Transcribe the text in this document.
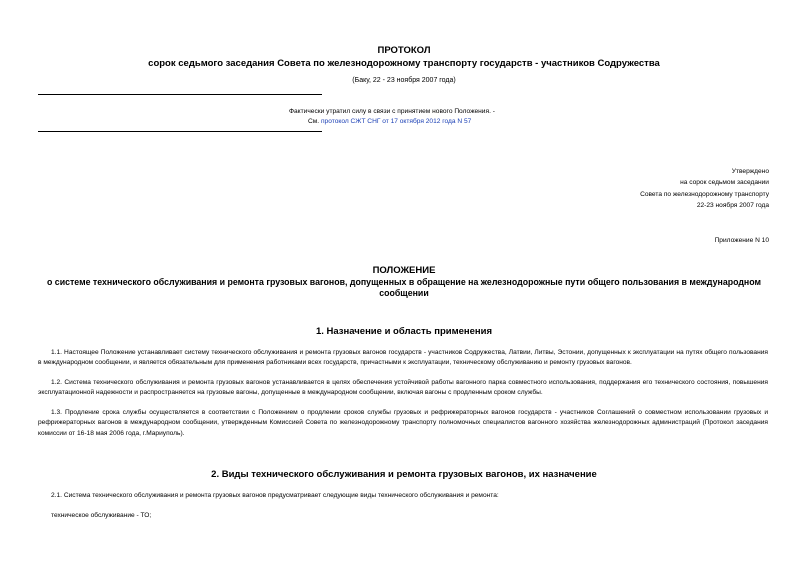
ПРОТОКОЛ
сорок седьмого заседания Совета по железнодорожному транспорту государств - участников Содружества
(Баку, 22 - 23 ноября 2007 года)
Фактически утратил силу в связи с принятием нового Положения. -
См. протокол СЖТ СНГ от 17 октября 2012 года N 57
Утверждено
на сорок седьмом заседании
Совета по железнодорожному транспорту
22-23 ноября 2007 года
Приложение N 10
ПОЛОЖЕНИЕ
о системе технического обслуживания и ремонта грузовых вагонов, допущенных в обращение на железнодорожные пути общего пользования в международном
сообщении
1. Назначение и область применения
1.1. Настоящее Положение устанавливает систему технического обслуживания и ремонта грузовых вагонов государств - участников Содружества, Латвии, Литвы, Эстонии, допущенных к эксплуатации на путях общего пользования в международном сообщении, и является обязательным для применения работниками всех государств, причастными к эксплуатации, техническому обслуживанию и ремонту грузовых вагонов.
1.2. Система технического обслуживания и ремонта грузовых вагонов устанавливается в целях обеспечения устойчивой работы вагонного парка совместного использования, поддержания его технического состояния, повышения эксплуатационной надежности и распространяется на грузовые вагоны, допущенные в международном сообщении, включая вагоны с продленным сроком службы.
1.3. Продление срока службы осуществляется в соответствии с Положением о продлении сроков службы грузовых и рефрижераторных вагонов государств - участников Соглашений о совместном использовании грузовых и рефрижераторных вагонов в международном сообщении, утвержденным Комиссией Совета по железнодорожному транспорту полномочных специалистов вагонного хозяйства железнодорожных администраций (Протокол заседания комиссии от 16-18 мая 2006 года, г.Мариуполь).
2. Виды технического обслуживания и ремонта грузовых вагонов, их назначение
2.1. Система технического обслуживания и ремонта грузовых вагонов предусматривает следующие виды технического обслуживания и ремонта:
техническое обслуживание - ТО;
